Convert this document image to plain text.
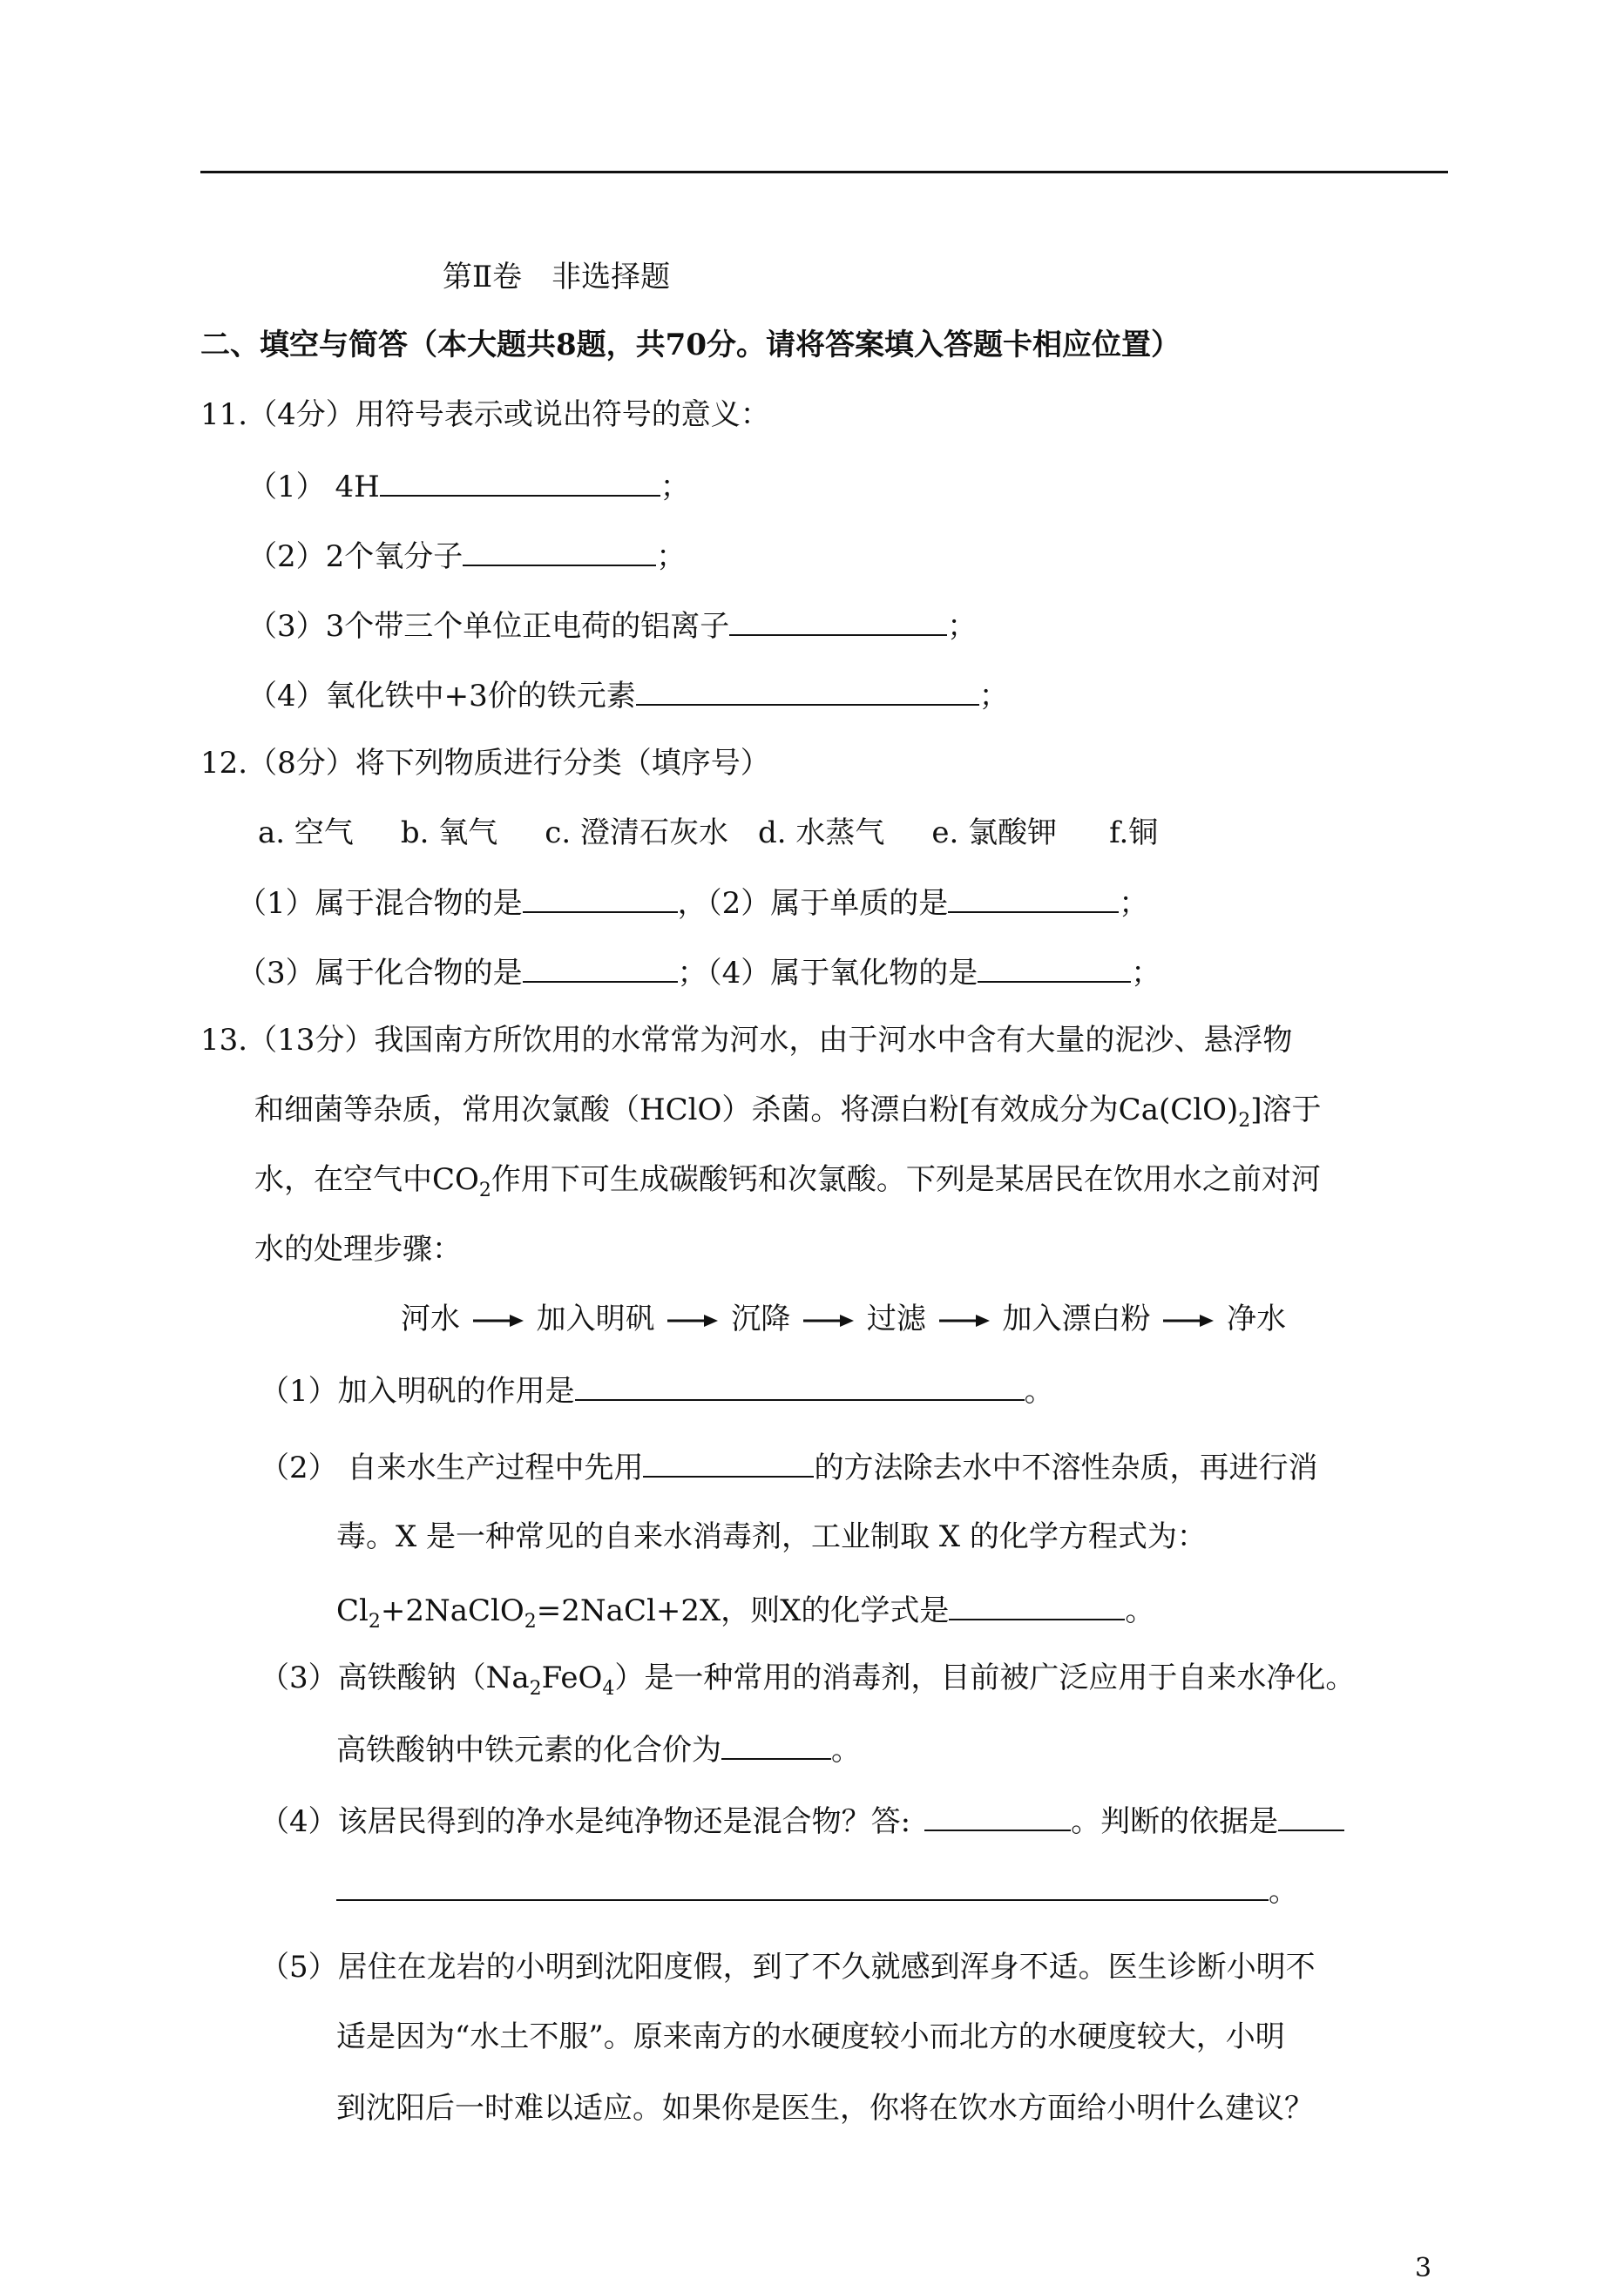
第Ⅱ卷　非选择题
二、填空与简答（本大题共8题，共70分。请将答案填入答题卡相应位置）
11.（4分）用符号表示或说出符号的意义：
（1） 4H	；
（2）2个氧分子	；
（3）3个带三个单位正电荷的铝离子	；
（4）氧化铁中+3价的铁元素	；
12.（8分）将下列物质进行分类（填序号）
a. 空气 b. 氧气 c. 澄清石灰水 d. 水蒸气 e. 氯酸钾 f.铜
（1）属于混合物的是	，（2）属于单质的是	；
（3）属于化合物的是	；（4）属于氧化物的是	；
13.（13分）我国南方所饮用的水常常为河水，由于河水中含有大量的泥沙、悬浮物
和细菌等杂质，常用次氯酸（HClO）杀菌。将漂白粉[有效成分为$Ca(ClO)_2$]溶于
水，在空气中$CO_2$作用下可生成碳酸钙和次氯酸。下列是某居民在饮用水之前对河
水的处理步骤：
河水	加入明矾	沉降	过滤	加入漂白粉	净水
（1）加入明矾的作用是	。
（2） 自来水生产过程中先用	的方法除去水中不溶性杂质，再进行消
毒。X 是一种常见的自来水消毒剂，工业制取 X 的化学方程式为：
$Cl_2+2NaClO_2=2NaCl+2X$，则X的化学式是	。
（3）高铁酸钠$(Na_2FeO_4)$是一种常用的消毒剂，目前被广泛应用于自来水净化。
高铁酸钠中铁元素的化合价为	。
（4）该居民得到的净水是纯净物还是混合物？答:	。判断的依据是
。
（5）居住在龙岩的小明到沈阳度假，到了不久就感到浑身不适。医生诊断小明不
适是因为“水土不服”。原来南方的水硬度较小而北方的水硬度较大，小明
到沈阳后一时难以适应。如果你是医生，你将在饮水方面给小明什么建议？
3
